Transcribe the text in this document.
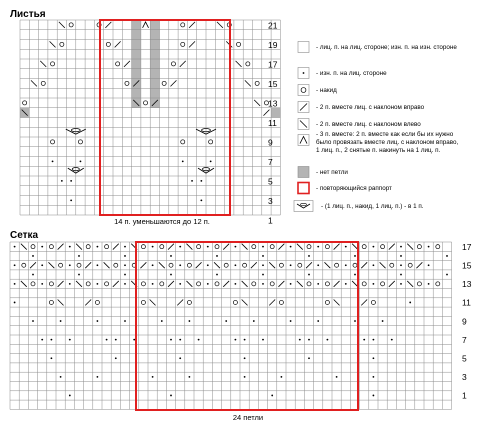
Листья
Сетка
21
19
17
15
13
11
9
7
5
3
1
14 п. уменьшаются до 12 п.
- лиц. п. на лиц. стороне; изн. п. на изн. стороне
- изн. п. на лиц. стороне
- накид
- 2 п. вместе лиц. с наклоном вправо
- 2 п. вместе лиц. с наклоном влево
- 3 п. вместе: 2 п. вместе как если бы их нужно
было провязать вместе лиц. с наклоном вправо,
1 лиц. п., 2 снятые п. накинуть на 1 лиц. п.
- нет петли
- повторяющийся раппорт
- (1 лиц. п., накид, 1 лиц. п.) - в 1 п.
17
15
13
11
9
7
5
3
1
24 петли
